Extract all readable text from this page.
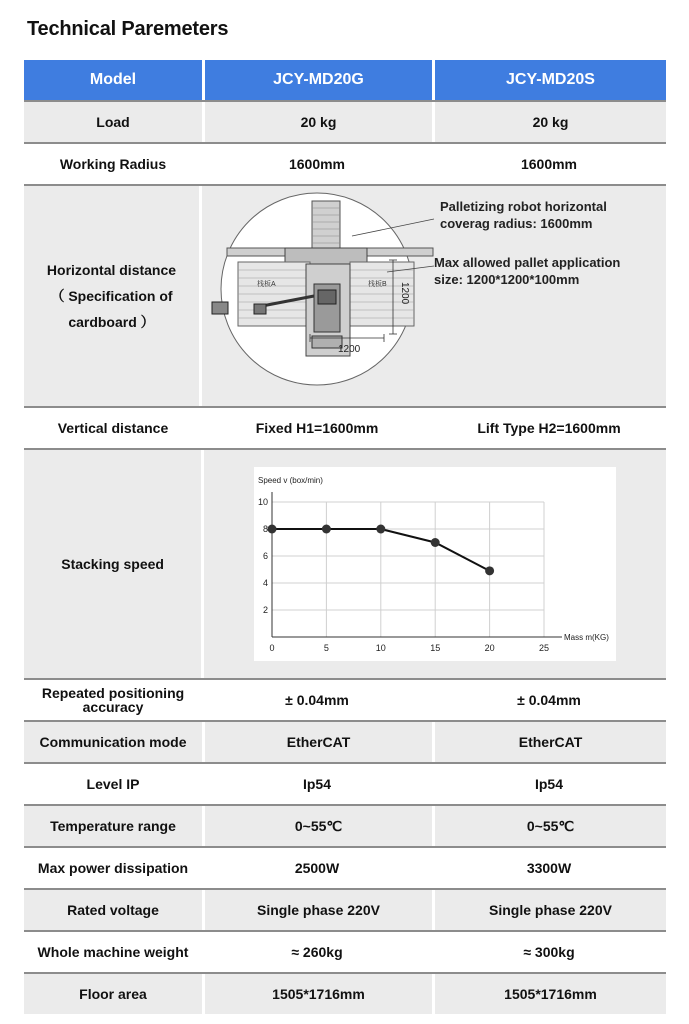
Technical Paremeters
Model	JCY-MD20G	JCY-MD20S
Load	20 kg	20 kg
Working Radius	1600mm	1600mm
Horizontal distance
（ Specification of
cardboard ）
栈板A	栈板B
1200
1200
Palletizing robot horizontal
coverag radius: 1600mm
Max allowed pallet application
size: 1200*1200*100mm
Vertical distance	Fixed H1=1600mm	Lift Type H2=1600mm
Stacking speed
0	5	10	15	20	25
2
4
6
8
10
Speed v (box/min)
Mass m(KG)
Repeated positioning
accuracy	± 0.04mm	± 0.04mm
Communication mode	EtherCAT	EtherCAT
Level IP	Ip54	Ip54
Temperature range	0~55℃	0~55℃
Max power dissipation	2500W	3300W
Rated voltage	Single phase 220V	Single phase 220V
Whole machine weight	≈ 260kg	≈ 300kg
Floor area	1505*1716mm	1505*1716mm
